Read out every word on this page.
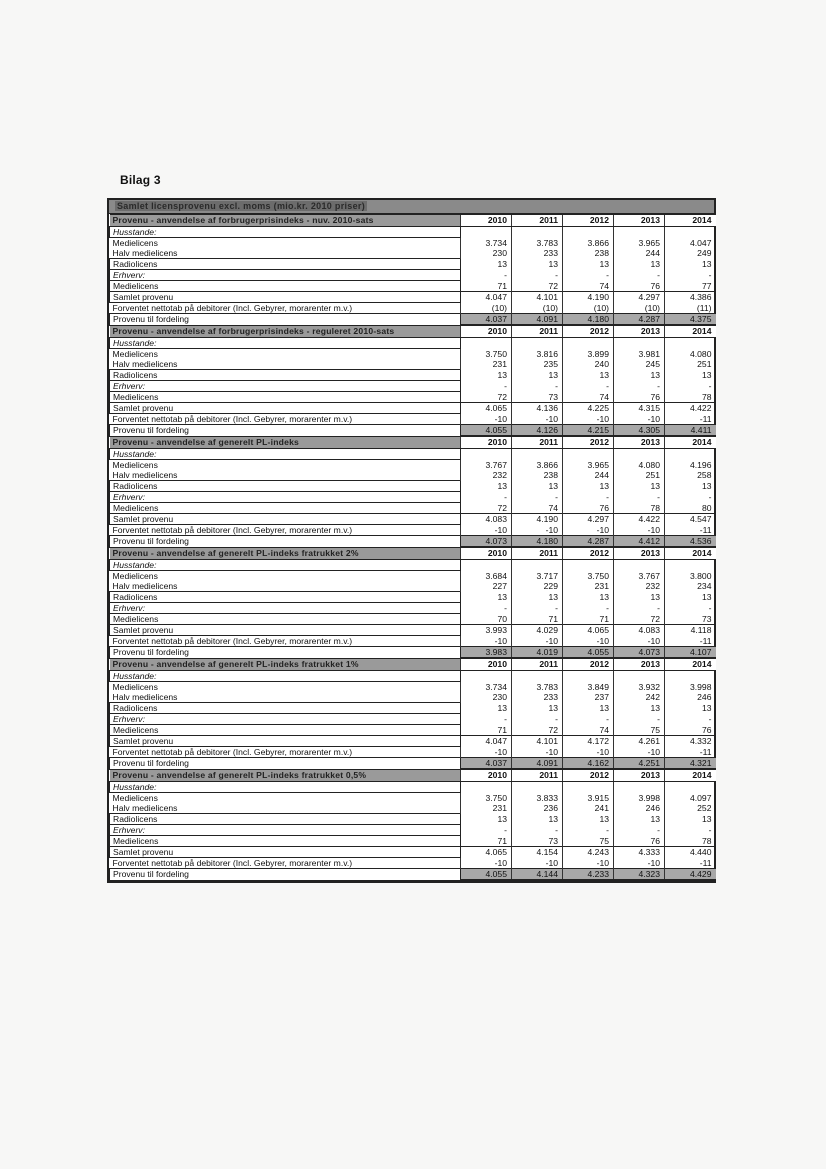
Bilag 3
Samlet licensprovenu excl. moms (mio.kr. 2010 priser)
Provenu - anvendelse af forbrugerprisindeks - nuv. 2010-sats	2010	2011	2012	2013	2014
Husstande:					
Medielicens	3.734	3.783	3.866	3.965	4.047
Halv medielicens	230	233	238	244	249
Radiolicens	13	13	13	13	13
Erhverv:	-	-	-	-	-
Medielicens	71	72	74	76	77
Samlet provenu	4.047	4.101	4.190	4.297	4.386
Forventet nettotab på debitorer (Incl. Gebyrer, morarenter m.v.)	(10)	(10)	(10)	(10)	(11)
Provenu til fordeling	4.037	4.091	4.180	4.287	4.375
Provenu - anvendelse af forbrugerprisindeks - reguleret 2010-sats	2010	2011	2012	2013	2014
Husstande:					
Medielicens	3.750	3.816	3.899	3.981	4.080
Halv medielicens	231	235	240	245	251
Radiolicens	13	13	13	13	13
Erhverv:	-	-	-	-	-
Medielicens	72	73	74	76	78
Samlet provenu	4.065	4.136	4.225	4.315	4.422
Forventet nettotab på debitorer (Incl. Gebyrer, morarenter m.v.)	-10	-10	-10	-10	-11
Provenu til fordeling	4.055	4.126	4.215	4.305	4.411
Provenu - anvendelse af generelt PL-indeks	2010	2011	2012	2013	2014
Husstande:					
Medielicens	3.767	3.866	3.965	4.080	4.196
Halv medielicens	232	238	244	251	258
Radiolicens	13	13	13	13	13
Erhverv:	-	-	-	-	-
Medielicens	72	74	76	78	80
Samlet provenu	4.083	4.190	4.297	4.422	4.547
Forventet nettotab på debitorer (Incl. Gebyrer, morarenter m.v.)	-10	-10	-10	-10	-11
Provenu til fordeling	4.073	4.180	4.287	4.412	4.536
Provenu - anvendelse af generelt PL-indeks fratrukket 2%	2010	2011	2012	2013	2014
Husstande:					
Medielicens	3.684	3.717	3.750	3.767	3.800
Halv medielicens	227	229	231	232	234
Radiolicens	13	13	13	13	13
Erhverv:	-	-	-	-	-
Medielicens	70	71	71	72	73
Samlet provenu	3.993	4.029	4.065	4.083	4.118
Forventet nettotab på debitorer (Incl. Gebyrer, morarenter m.v.)	-10	-10	-10	-10	-11
Provenu til fordeling	3.983	4.019	4.055	4.073	4.107
Provenu - anvendelse af generelt PL-indeks fratrukket 1%	2010	2011	2012	2013	2014
Husstande:					
Medielicens	3.734	3.783	3.849	3.932	3.998
Halv medielicens	230	233	237	242	246
Radiolicens	13	13	13	13	13
Erhverv:	-	-	-	-	-
Medielicens	71	72	74	75	76
Samlet provenu	4.047	4.101	4.172	4.261	4.332
Forventet nettotab på debitorer (Incl. Gebyrer, morarenter m.v.)	-10	-10	-10	-10	-11
Provenu til fordeling	4.037	4.091	4.162	4.251	4.321
Provenu - anvendelse af generelt PL-indeks fratrukket 0,5%	2010	2011	2012	2013	2014
Husstande:					
Medielicens	3.750	3.833	3.915	3.998	4.097
Halv medielicens	231	236	241	246	252
Radiolicens	13	13	13	13	13
Erhverv:	-	-	-	-	-
Medielicens	71	73	75	76	78
Samlet provenu	4.065	4.154	4.243	4.333	4.440
Forventet nettotab på debitorer (Incl. Gebyrer, morarenter m.v.)	-10	-10	-10	-10	-11
Provenu til fordeling	4.055	4.144	4.233	4.323	4.429
